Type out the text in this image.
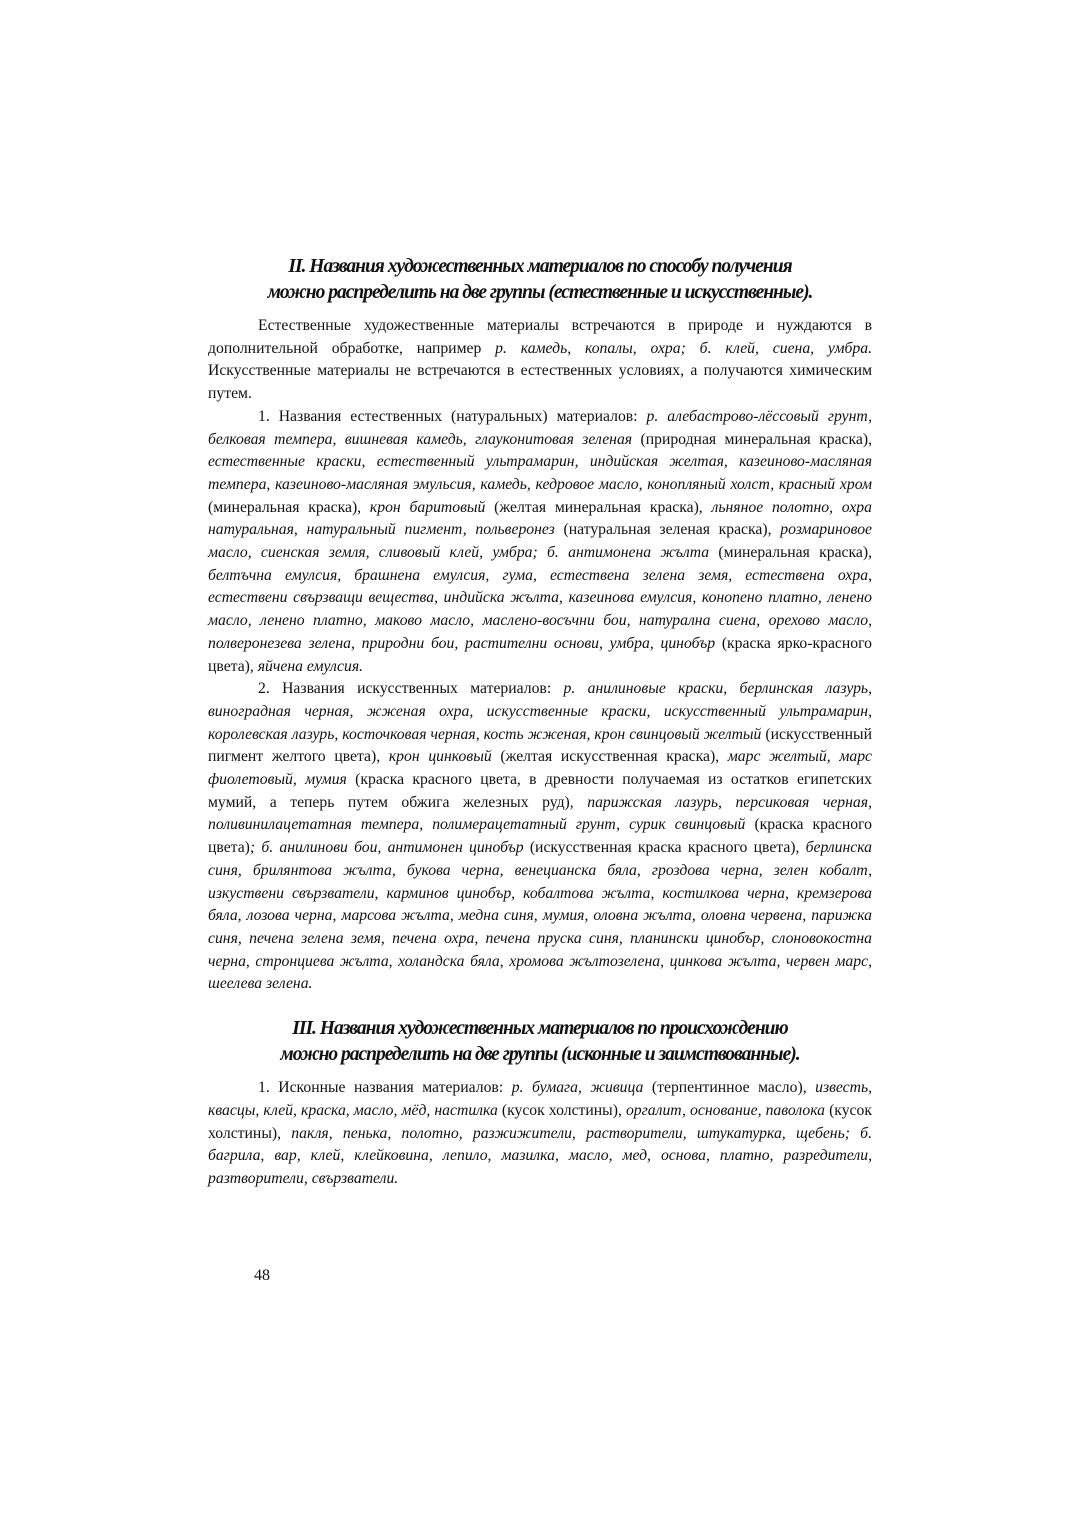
II. Названия художественных материалов по способу получения
можно распределить на две группы (естественные и искусственные).

Естественные художественные материалы встречаются в природе и нуждаются в дополнительной обработке, например р. камедь, копалы, охра; б. клей, сиена, умбра. Искусственные материалы не встречаются в естественных условиях, а получаются химическим путем.

1. Названия естественных (натуральных) материалов: р. алебастрово-лёссовый грунт, белковая темпера, вишневая камедь, глауконитовая зеленая (природная минеральная краска), естественные краски, естественный ультрамарин, индийская желтая, казеиново-масляная темпера, казеиново-масляная эмульсия, камедь, кедровое масло, конопляный холст, красный хром (минеральная краска), крон баритовый (желтая минеральная краска), льняное полотно, охра натуральная, натуральный пигмент, польверонез (натуральная зеленая краска), розмариновое масло, сиенская земля, сливовый клей, умбра; б. антимонена жълта (минеральная краска), белтъчна емулсия, брашнена емулсия, гума, естествена зелена земя, естествена охра, естествени свързващи вещества, индийска жълта, казеинова емулсия, конопено платно, ленено масло, ленено платно, маково масло, маслено-восъчни бои, натурална сиена, орехово масло, полверонезева зелена, природни бои, растителни основи, умбра, цинобър (краска ярко-красного цвета), яйчена емулсия.

2. Названия искусственных материалов: р. анилиновые краски, берлинская лазурь, виноградная черная, жженая охра, искусственные краски, искусственный ультрамарин, королевская лазурь, косточковая черная, кость жженая, крон свинцовый желтый (искусственный пигмент желтого цвета), крон цинковый (желтая искусственная краска), марс желтый, марс фиолетовый, мумия (краска красного цвета, в древности получаемая из остатков египетских мумий, а теперь путем обжига железных руд), парижская лазурь, персиковая черная, поливинилацетатная темпера, полимерацетатный грунт, сурик свинцовый (краска красного цвета); б. анилинови бои, антимонен цинобър (искусственная краска красного цвета), берлинска синя, брилянтова жълта, букова черна, венецианска бяла, гроздова черна, зелен кобалт, изкуствени свързватели, карминов цинобър, кобалтова жълта, костилкова черна, кремзерова бяла, лозова черна, марсова жълта, медна синя, мумия, оловна жълта, оловна червена, парижка синя, печена зелена земя, печена охра, печена пруска синя, планински цинобър, слоновокостна черна, стронциева жълта, холандска бяла, хромова жълтозелена, цинкова жълта, червен марс, шеелева зелена.

III. Названия художественных материалов по происхождению
можно распределить на две группы (исконные и заимствованные).

1. Исконные названия материалов: р. бумага, живица (терпентинное масло), известь, квасцы, клей, краска, масло, мёд, настилка (кусок холстины), оргалит, основание, паволока (кусок холстины), пакля, пенька, полотно, разжижители, растворители, штукатурка, щебень; б. багрила, вар, клей, клейковина, лепило, мазилка, масло, мед, основа, платно, разредители, разтворители, свързватели.

48
